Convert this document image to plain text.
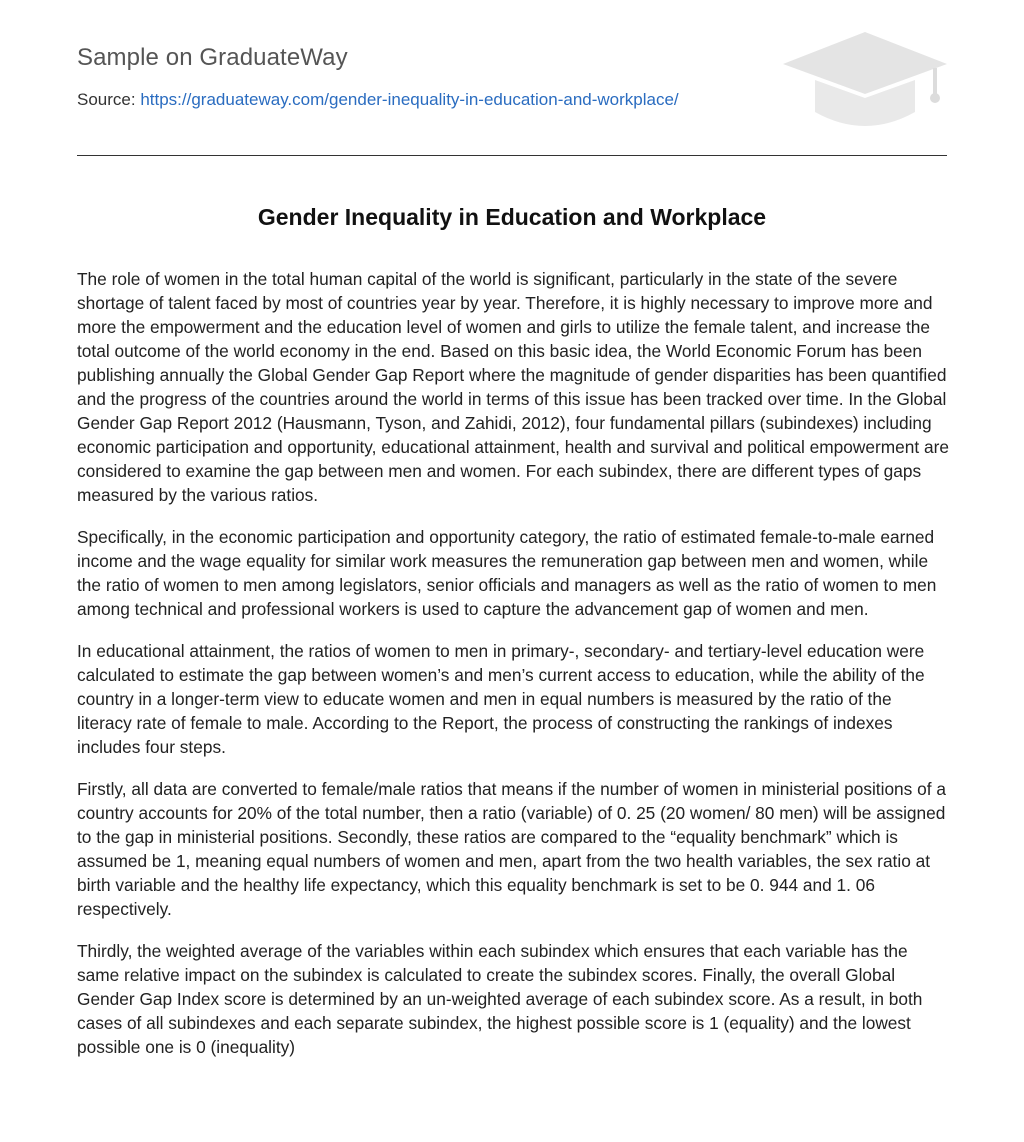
Sample on GraduateWay
Source: https://graduateway.com/gender-inequality-in-education-and-workplace/
Gender Inequality in Education and Workplace

The role of women in the total human capital of the world is significant, particularly in the state of the severe shortage of talent faced by most of countries year by year. Therefore, it is highly necessary to improve more and more the empowerment and the education level of women and girls to utilize the female talent, and increase the total outcome of the world economy in the end. Based on this basic idea, the World Economic Forum has been publishing annually the Global Gender Gap Report where the magnitude of gender disparities has been quantified and the progress of the countries around the world in terms of this issue has been tracked over time. In the Global Gender Gap Report 2012 (Hausmann, Tyson, and Zahidi, 2012), four fundamental pillars (subindexes) including economic participation and opportunity, educational attainment, health and survival and political empowerment are considered to examine the gap between men and women. For each subindex, there are different types of gaps measured by the various ratios.

Specifically, in the economic participation and opportunity category, the ratio of estimated female-to-male earned income and the wage equality for similar work measures the remuneration gap between men and women, while the ratio of women to men among legislators, senior officials and managers as well as the ratio of women to men among technical and professional workers is used to capture the advancement gap of women and men.

In educational attainment, the ratios of women to men in primary-, secondary- and tertiary-level education were calculated to estimate the gap between women’s and men’s current access to education, while the ability of the country in a longer-term view to educate women and men in equal numbers is measured by the ratio of the literacy rate of female to male. According to the Report, the process of constructing the rankings of indexes includes four steps.

Firstly, all data are converted to female/male ratios that means if the number of women in ministerial positions of a country accounts for 20% of the total number, then a ratio (variable) of 0. 25 (20 women/ 80 men) will be assigned to the gap in ministerial positions. Secondly, these ratios are compared to the “equality benchmark” which is assumed be 1, meaning equal numbers of women and men, apart from the two health variables, the sex ratio at birth variable and the healthy life expectancy, which this equality benchmark is set to be 0. 944 and 1. 06 respectively.

Thirdly, the weighted average of the variables within each subindex which ensures that each variable has the same relative impact on the subindex is calculated to create the subindex scores. Finally, the overall Global Gender Gap Index score is determined by an un-weighted average of each subindex score. As a result, in both cases of all subindexes and each separate subindex, the highest possible score is 1 (equality) and the lowest possible one is 0 (inequality)
